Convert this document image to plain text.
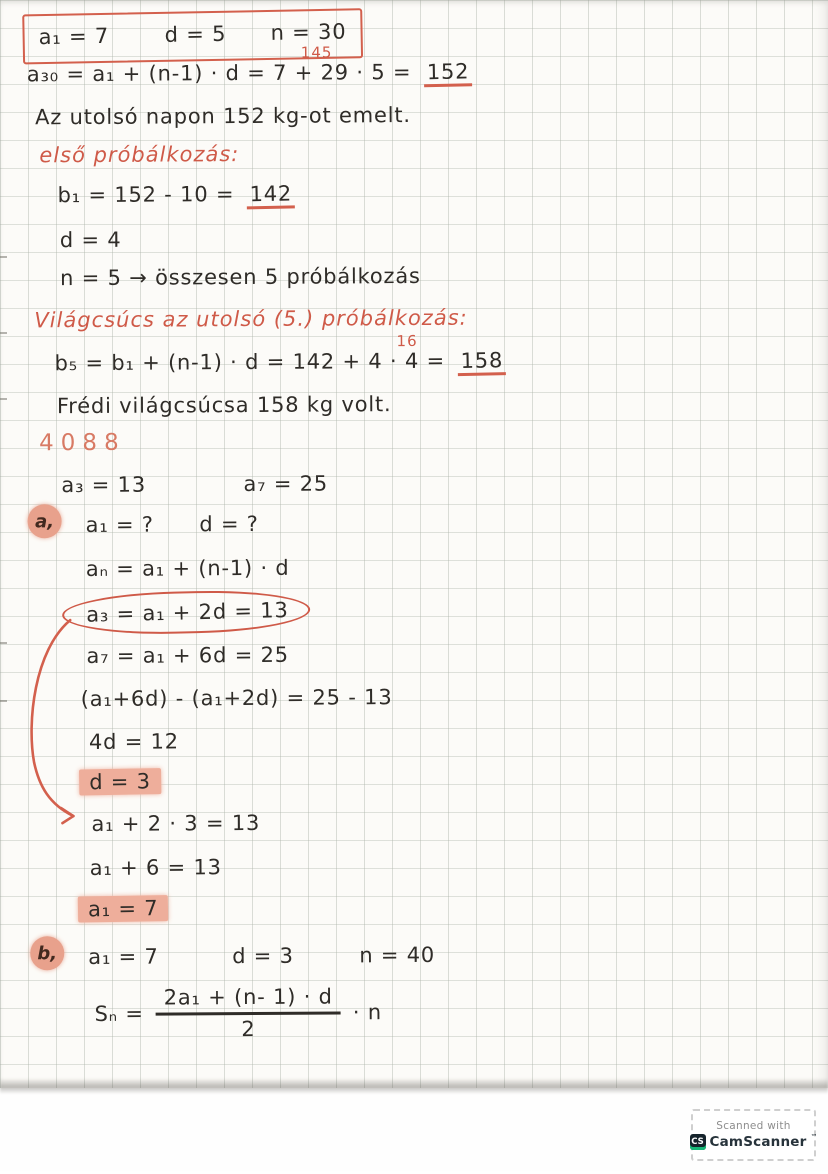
a₁ = 7	d = 5 n = 30
145
a₃₀ = a₁ + (n-1) · d = 7 + 29 · 5 = 152
Az utolsó napon 152 kg-ot emelt.
első próbálkozás:
b₁ = 152 - 10 = 142
d = 4
n = 5 → összesen 5 próbálkozás
Világcsúcs az utolsó (5.) próbálkozás:
16
b₅ = b₁ + (n-1) · d = 142 + 4 · 4 = 158
Frédi világcsúcsa 158 kg volt.
4088
a₃ = 13	a₇ = 25
a,	a₁ = ? d = ?
aₙ = a₁ + (n-1) · d
a₃ = a₁ + 2d = 13
a₇ = a₁ + 6d = 25
(a₁+6d) - (a₁+2d) = 25 - 13
4d = 12
d = 3
a₁ + 2 · 3 = 13
a₁ + 6 = 13
a₁ = 7
b,	a₁ = 7	d = 3	n = 40
$S_n = \frac{\text{2a₁ + (n- 1) · d}}{2} \cdot n$
Scanned with
CS CamScanner ™
